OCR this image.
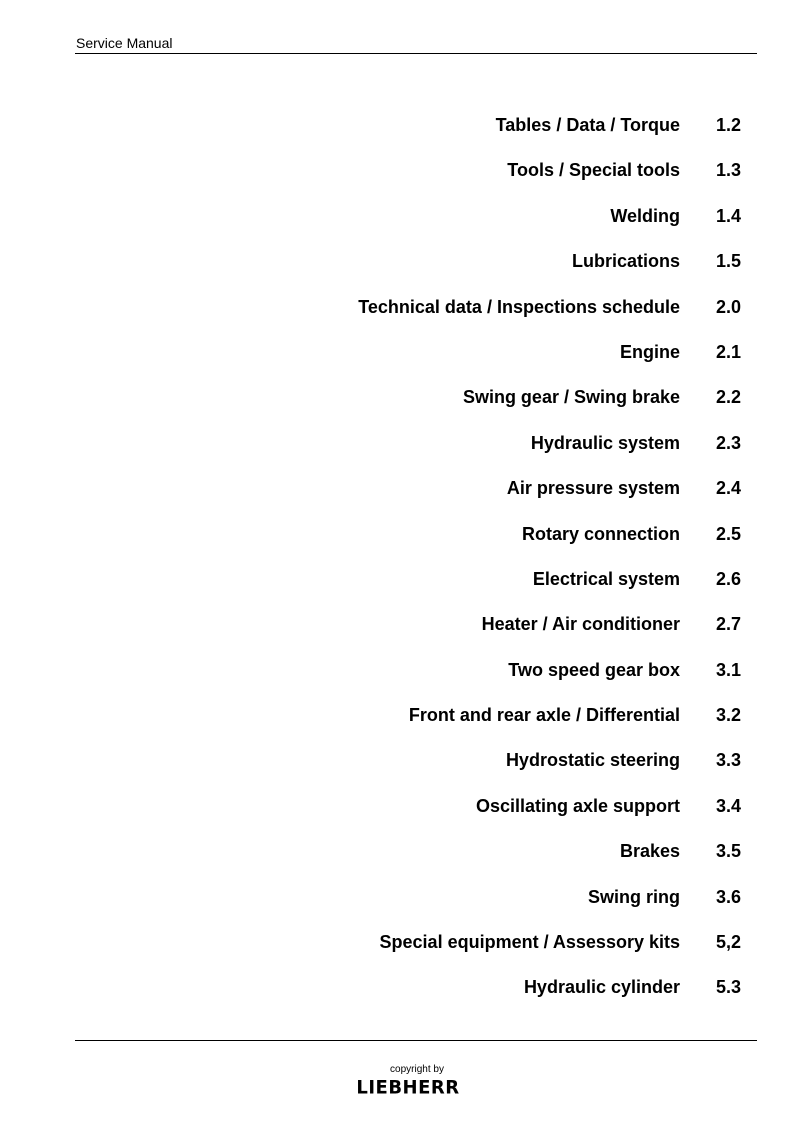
Service Manual
Tables / Data / Torque 1.2
Tools / Special tools 1.3
Welding 1.4
Lubrications 1.5
Technical data / Inspections schedule 2.0
Engine 2.1
Swing gear / Swing brake 2.2
Hydraulic system 2.3
Air pressure system 2.4
Rotary connection 2.5
Electrical system 2.6
Heater / Air conditioner 2.7
Two speed gear box 3.1
Front and rear axle / Differential 3.2
Hydrostatic steering 3.3
Oscillating axle support 3.4
Brakes 3.5
Swing ring 3.6
Special equipment / Assessory kits 5,2
Hydraulic cylinder 5.3
copyright by
LIEBHERR
